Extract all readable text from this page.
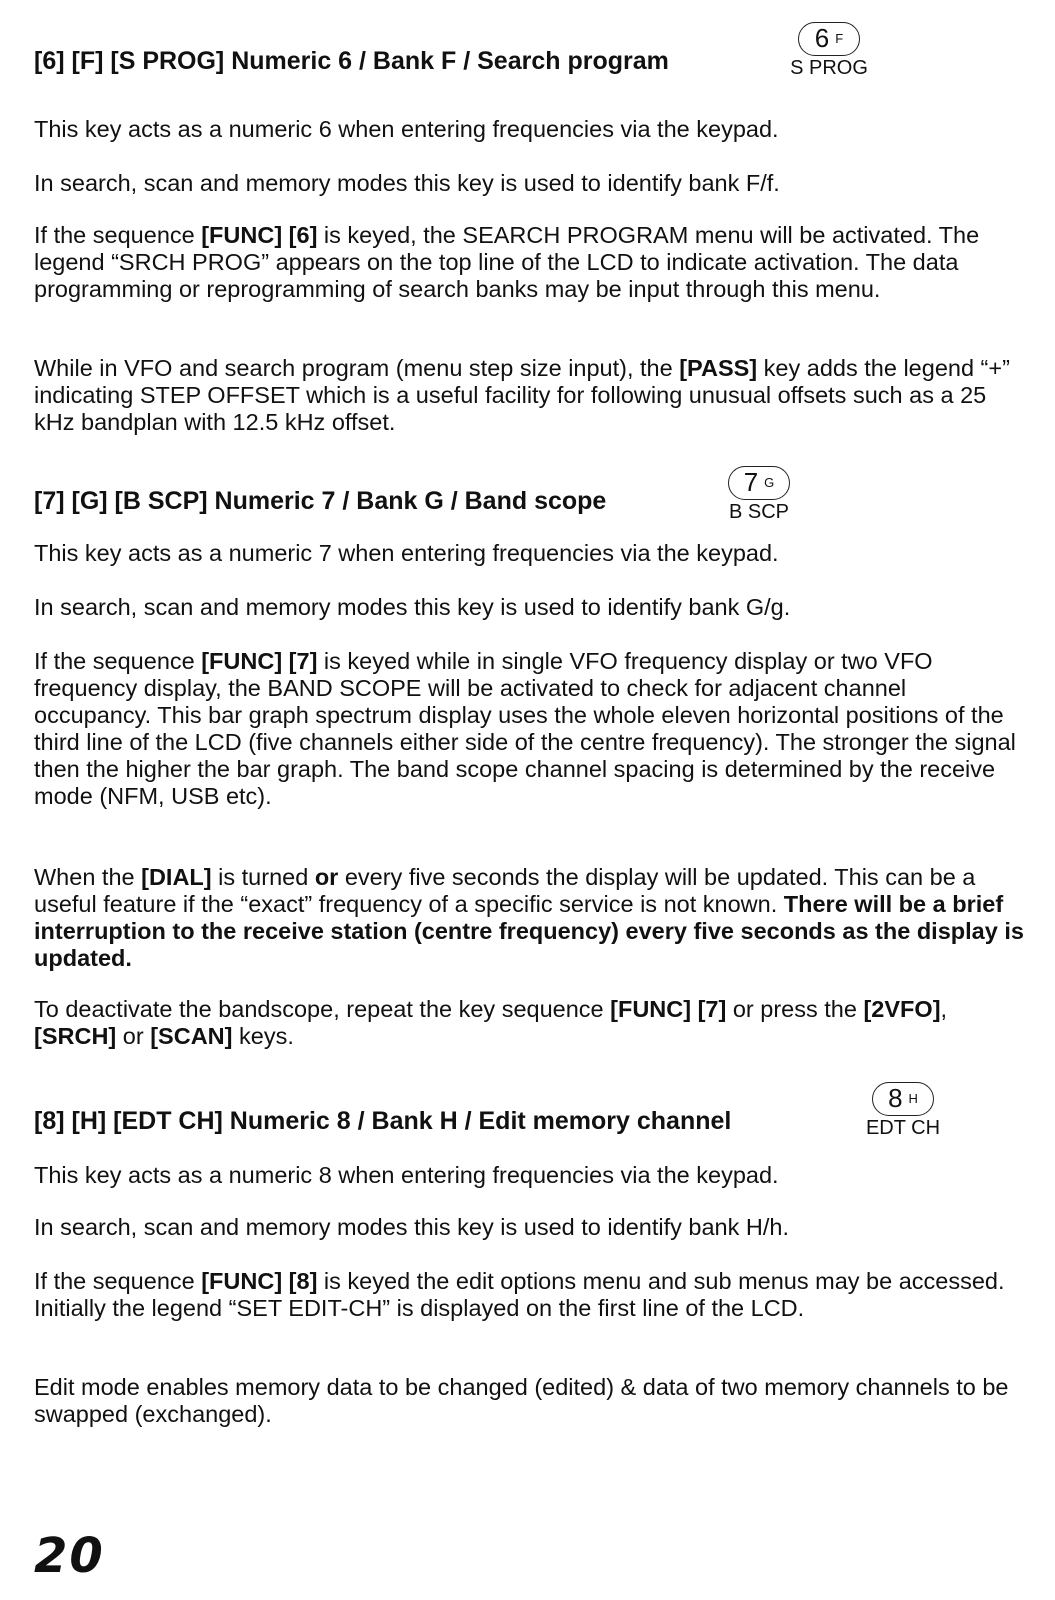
[6] [F] [S PROG] Numeric 6 / Bank F / Search program
6 F
S PROG

This key acts as a numeric 6 when entering frequencies via the keypad.

In search, scan and memory modes this key is used to identify bank F/f.

If the sequence [FUNC] [6] is keyed, the SEARCH PROGRAM menu will be activated. The legend “SRCH PROG” appears on the top line of the LCD to indicate activation. The data programming or reprogramming of search banks may be input through this menu.

While in VFO and search program (menu step size input), the [PASS] key adds the legend “+” indicating STEP OFFSET which is a useful facility for following unusual offsets such as a 25 kHz bandplan with 12.5 kHz offset.

[7] [G] [B SCP] Numeric 7 / Bank G / Band scope
7 G
B SCP

This key acts as a numeric 7 when entering frequencies via the keypad.

In search, scan and memory modes this key is used to identify bank G/g.

If the sequence [FUNC] [7] is keyed while in single VFO frequency display or two VFO frequency display, the BAND SCOPE will be activated to check for adjacent channel occupancy. This bar graph spectrum display uses the whole eleven horizontal positions of the third line of the LCD (five channels either side of the centre frequency). The stronger the signal then the higher the bar graph. The band scope channel spacing is determined by the receive mode (NFM, USB etc).

When the [DIAL] is turned or every five seconds the display will be updated. This can be a useful feature if the “exact” frequency of a specific service is not known. There will be a brief interruption to the receive station (centre frequency) every five seconds as the display is updated.

To deactivate the bandscope, repeat the key sequence [FUNC] [7] or press the [2VFO], [SRCH] or [SCAN] keys.

[8] [H] [EDT CH] Numeric 8 / Bank H / Edit memory channel
8 H
EDT CH

This key acts as a numeric 8 when entering frequencies via the keypad.

In search, scan and memory modes this key is used to identify bank H/h.

If the sequence [FUNC] [8] is keyed the edit options menu and sub menus may be accessed. Initially the legend “SET EDIT-CH” is displayed on the first line of the LCD.

Edit mode enables memory data to be changed (edited) & data of two memory channels to be swapped (exchanged).

20
